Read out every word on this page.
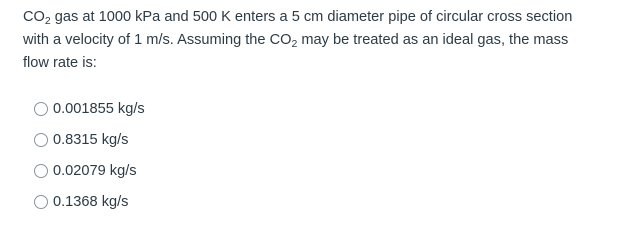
$CO_2$ gas at 1000 kPa and 500 K enters a 5 cm diameter pipe of circular cross section
with a velocity of 1 m/s. Assuming the $CO_2$ may be treated as an ideal gas, the mass
flow rate is:
0.001855 kg/s
0.8315 kg/s
0.02079 kg/s
0.1368 kg/s
